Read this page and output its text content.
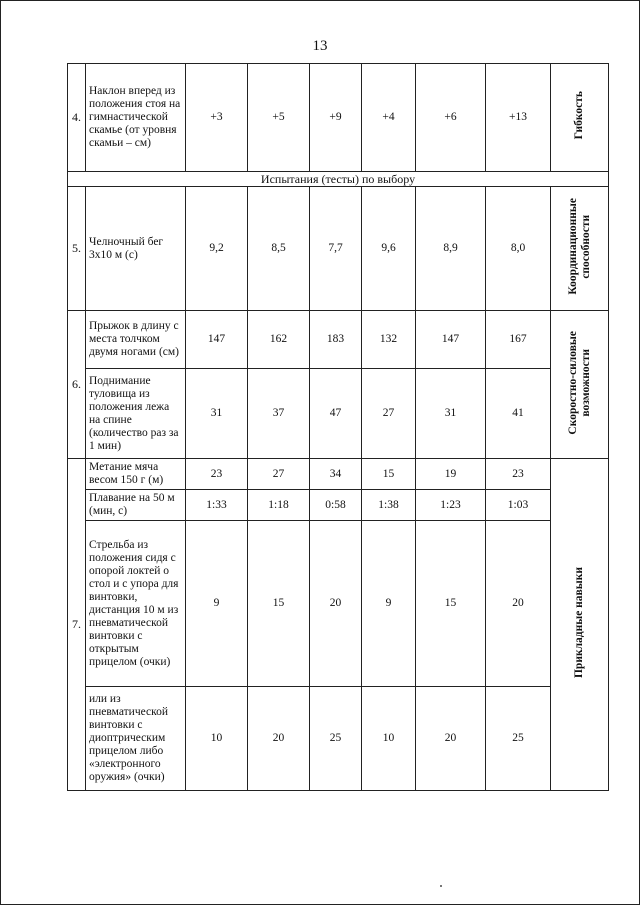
13
4.	Наклон вперед из положения стоя на гимнастической скамье (от уровня скамьи – см)	+3	+5	+9	+4	+6	+13	Гибкость
Испытания (тесты) по выбору								
5.	Челночный бег 3х10 м (с)	9,2	8,5	7,7	9,6	8,9	8,0	Координационные
способности
6.	Прыжок в длину с места толчком двумя ногами (см)	147	162	183	132	147	167	Скоростно-силовые
возможности
	Поднимание туловища из положения лежа на спине (количество раз за 1 мин)	31	37	47	27	31	41	
7.	Метание мяча весом 150 г (м)	23	27	34	15	19	23	Прикладные навыки
	Плавание на 50 м (мин, с)	1:33	1:18	0:58	1:38	1:23	1:03	
	Стрельба из положения сидя с опорой локтей о стол и с упора для винтовки, дистанция 10 м из пневматической винтовки с открытым прицелом (очки)	9	15	20	9	15	20	
	или из пневматической винтовки с диоптрическим прицелом либо «электронного оружия» (очки)	10	20	25	10	20	25	
